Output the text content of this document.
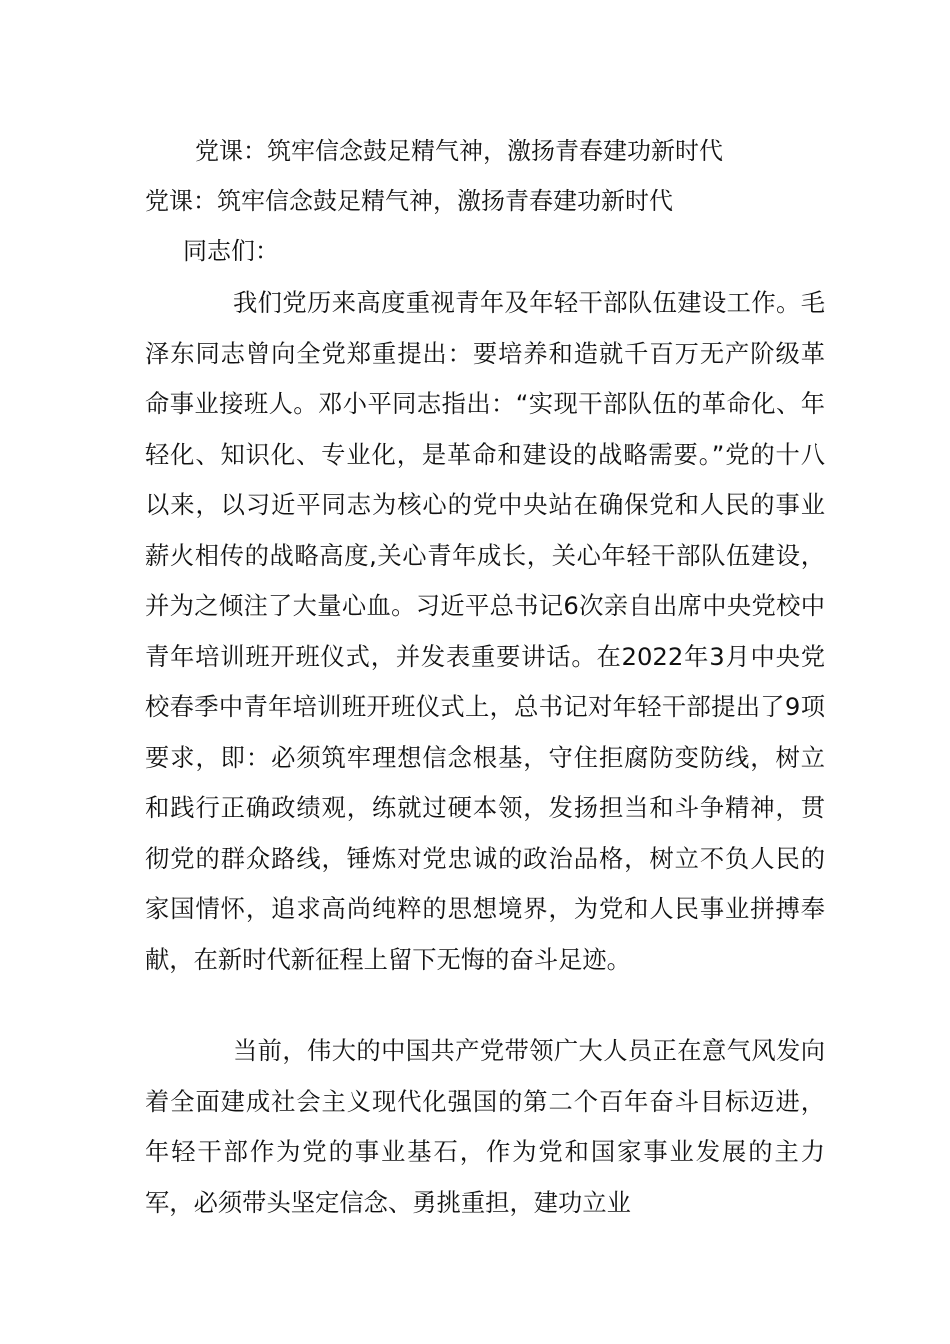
党课：筑牢信念鼓足精气神，激扬青春建功新时代
党课：筑牢信念鼓足精气神，激扬青春建功新时代
同志们：

我们党历来高度重视青年及年轻干部队伍建设工作。毛泽东同志曾向全党郑重提出：要培养和造就千百万无产阶级革命事业接班人。邓小平同志指出：“实现干部队伍的革命化、年轻化、知识化、专业化，是革命和建设的战略需要。”党的十八以来，以习近平同志为核心的党中央站在确保党和人民的事业薪火相传的战略高度,关心青年成长，关心年轻干部队伍建设，并为之倾注了大量心血。习近平总书记6次亲自出席中央党校中青年培训班开班仪式，并发表重要讲话。在2022年3月中央党校春季中青年培训班开班仪式上，总书记对年轻干部提出了9项要求，即：必须筑牢理想信念根基，守住拒腐防变防线，树立和践行正确政绩观，练就过硬本领，发扬担当和斗争精神，贯彻党的群众路线，锤炼对党忠诚的政治品格，树立不负人民的家国情怀，追求高尚纯粹的思想境界，为党和人民事业拼搏奉献，在新时代新征程上留下无悔的奋斗足迹。

当前，伟大的中国共产党带领广大人员正在意气风发向着全面建成社会主义现代化强国的第二个百年奋斗目标迈进，年轻干部作为党的事业基石，作为党和国家事业发展的主力军，必须带头坚定信念、勇挑重担，建功立业
